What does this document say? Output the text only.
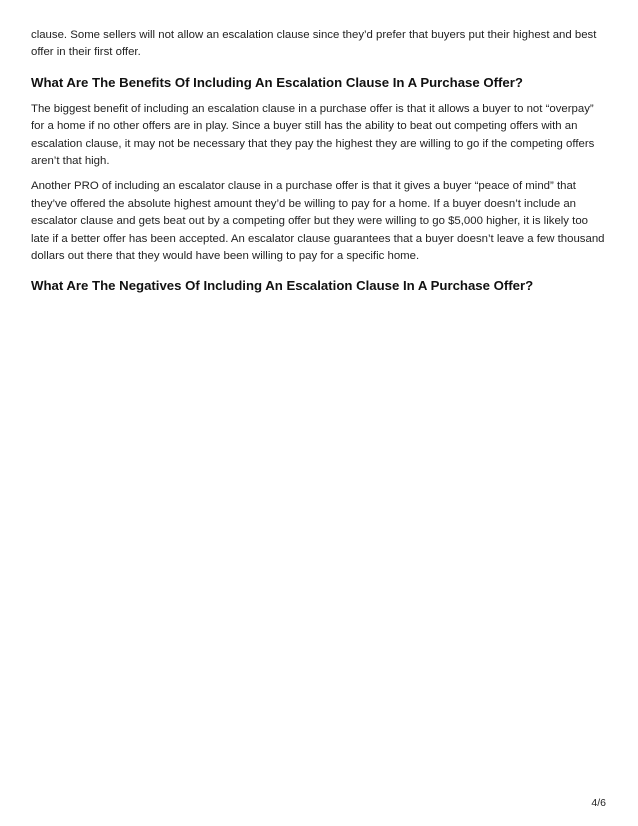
clause. Some sellers will not allow an escalation clause since they’d prefer that buyers put their highest and best offer in their first offer.

What Are The Benefits Of Including An Escalation Clause In A Purchase Offer?

The biggest benefit of including an escalation clause in a purchase offer is that it allows a buyer to not “overpay” for a home if no other offers are in play. Since a buyer still has the ability to beat out competing offers with an escalation clause, it may not be necessary that they pay the highest they are willing to go if the competing offers aren’t that high.

Another PRO of including an escalator clause in a purchase offer is that it gives a buyer “peace of mind” that they’ve offered the absolute highest amount they’d be willing to pay for a home. If a buyer doesn’t include an escalator clause and gets beat out by a competing offer but they were willing to go $5,000 higher, it is likely too late if a better offer has been accepted. An escalator clause guarantees that a buyer doesn’t leave a few thousand dollars out there that they would have been willing to pay for a specific home.

What Are The Negatives Of Including An Escalation Clause In A Purchase Offer?
4/6
